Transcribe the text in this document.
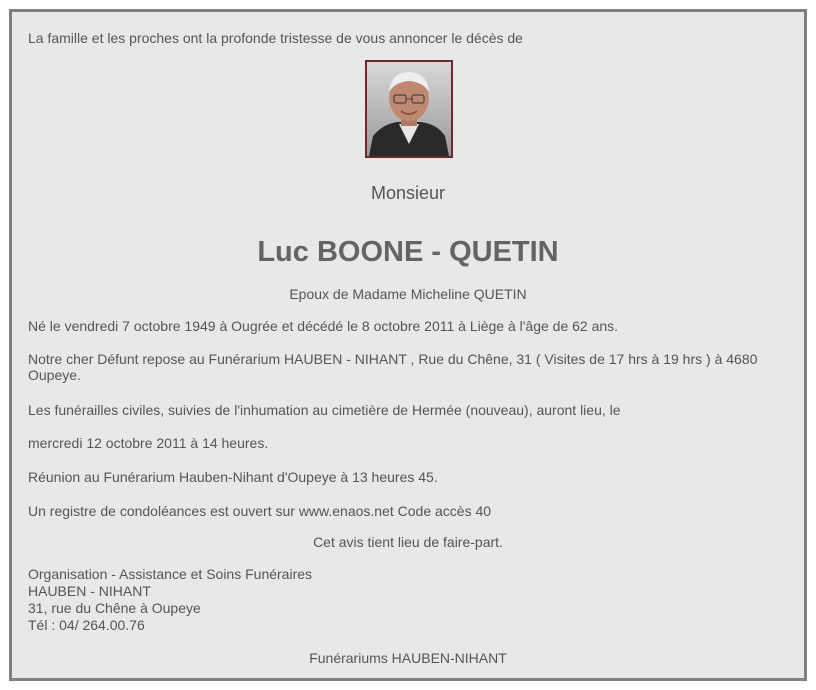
La famille et les proches ont la profonde tristesse de vous annoncer le décès de
Monsieur
Luc BOONE - QUETIN
Epoux de Madame Micheline QUETIN
Né le vendredi 7 octobre 1949 à Ougrée et décédé le 8 octobre 2011 à Liège à l'âge de 62 ans.
Notre cher Défunt repose au Funérarium HAUBEN - NIHANT , Rue du Chêne, 31 ( Visites de 17 hrs à 19 hrs ) à 4680 Oupeye.
Les funérailles civiles, suivies de l'inhumation au cimetière de Hermée (nouveau), auront lieu, le
mercredi 12 octobre 2011 à 14 heures.
Réunion au Funérarium Hauben-Nihant d'Oupeye à 13 heures 45.
Un registre de condoléances est ouvert sur www.enaos.net Code accès 40
Cet avis tient lieu de faire-part.
Organisation - Assistance et Soins Funéraires
HAUBEN - NIHANT
31, rue du Chêne à Oupeye
Tél : 04/ 264.00.76
Funérariums HAUBEN-NIHANT
